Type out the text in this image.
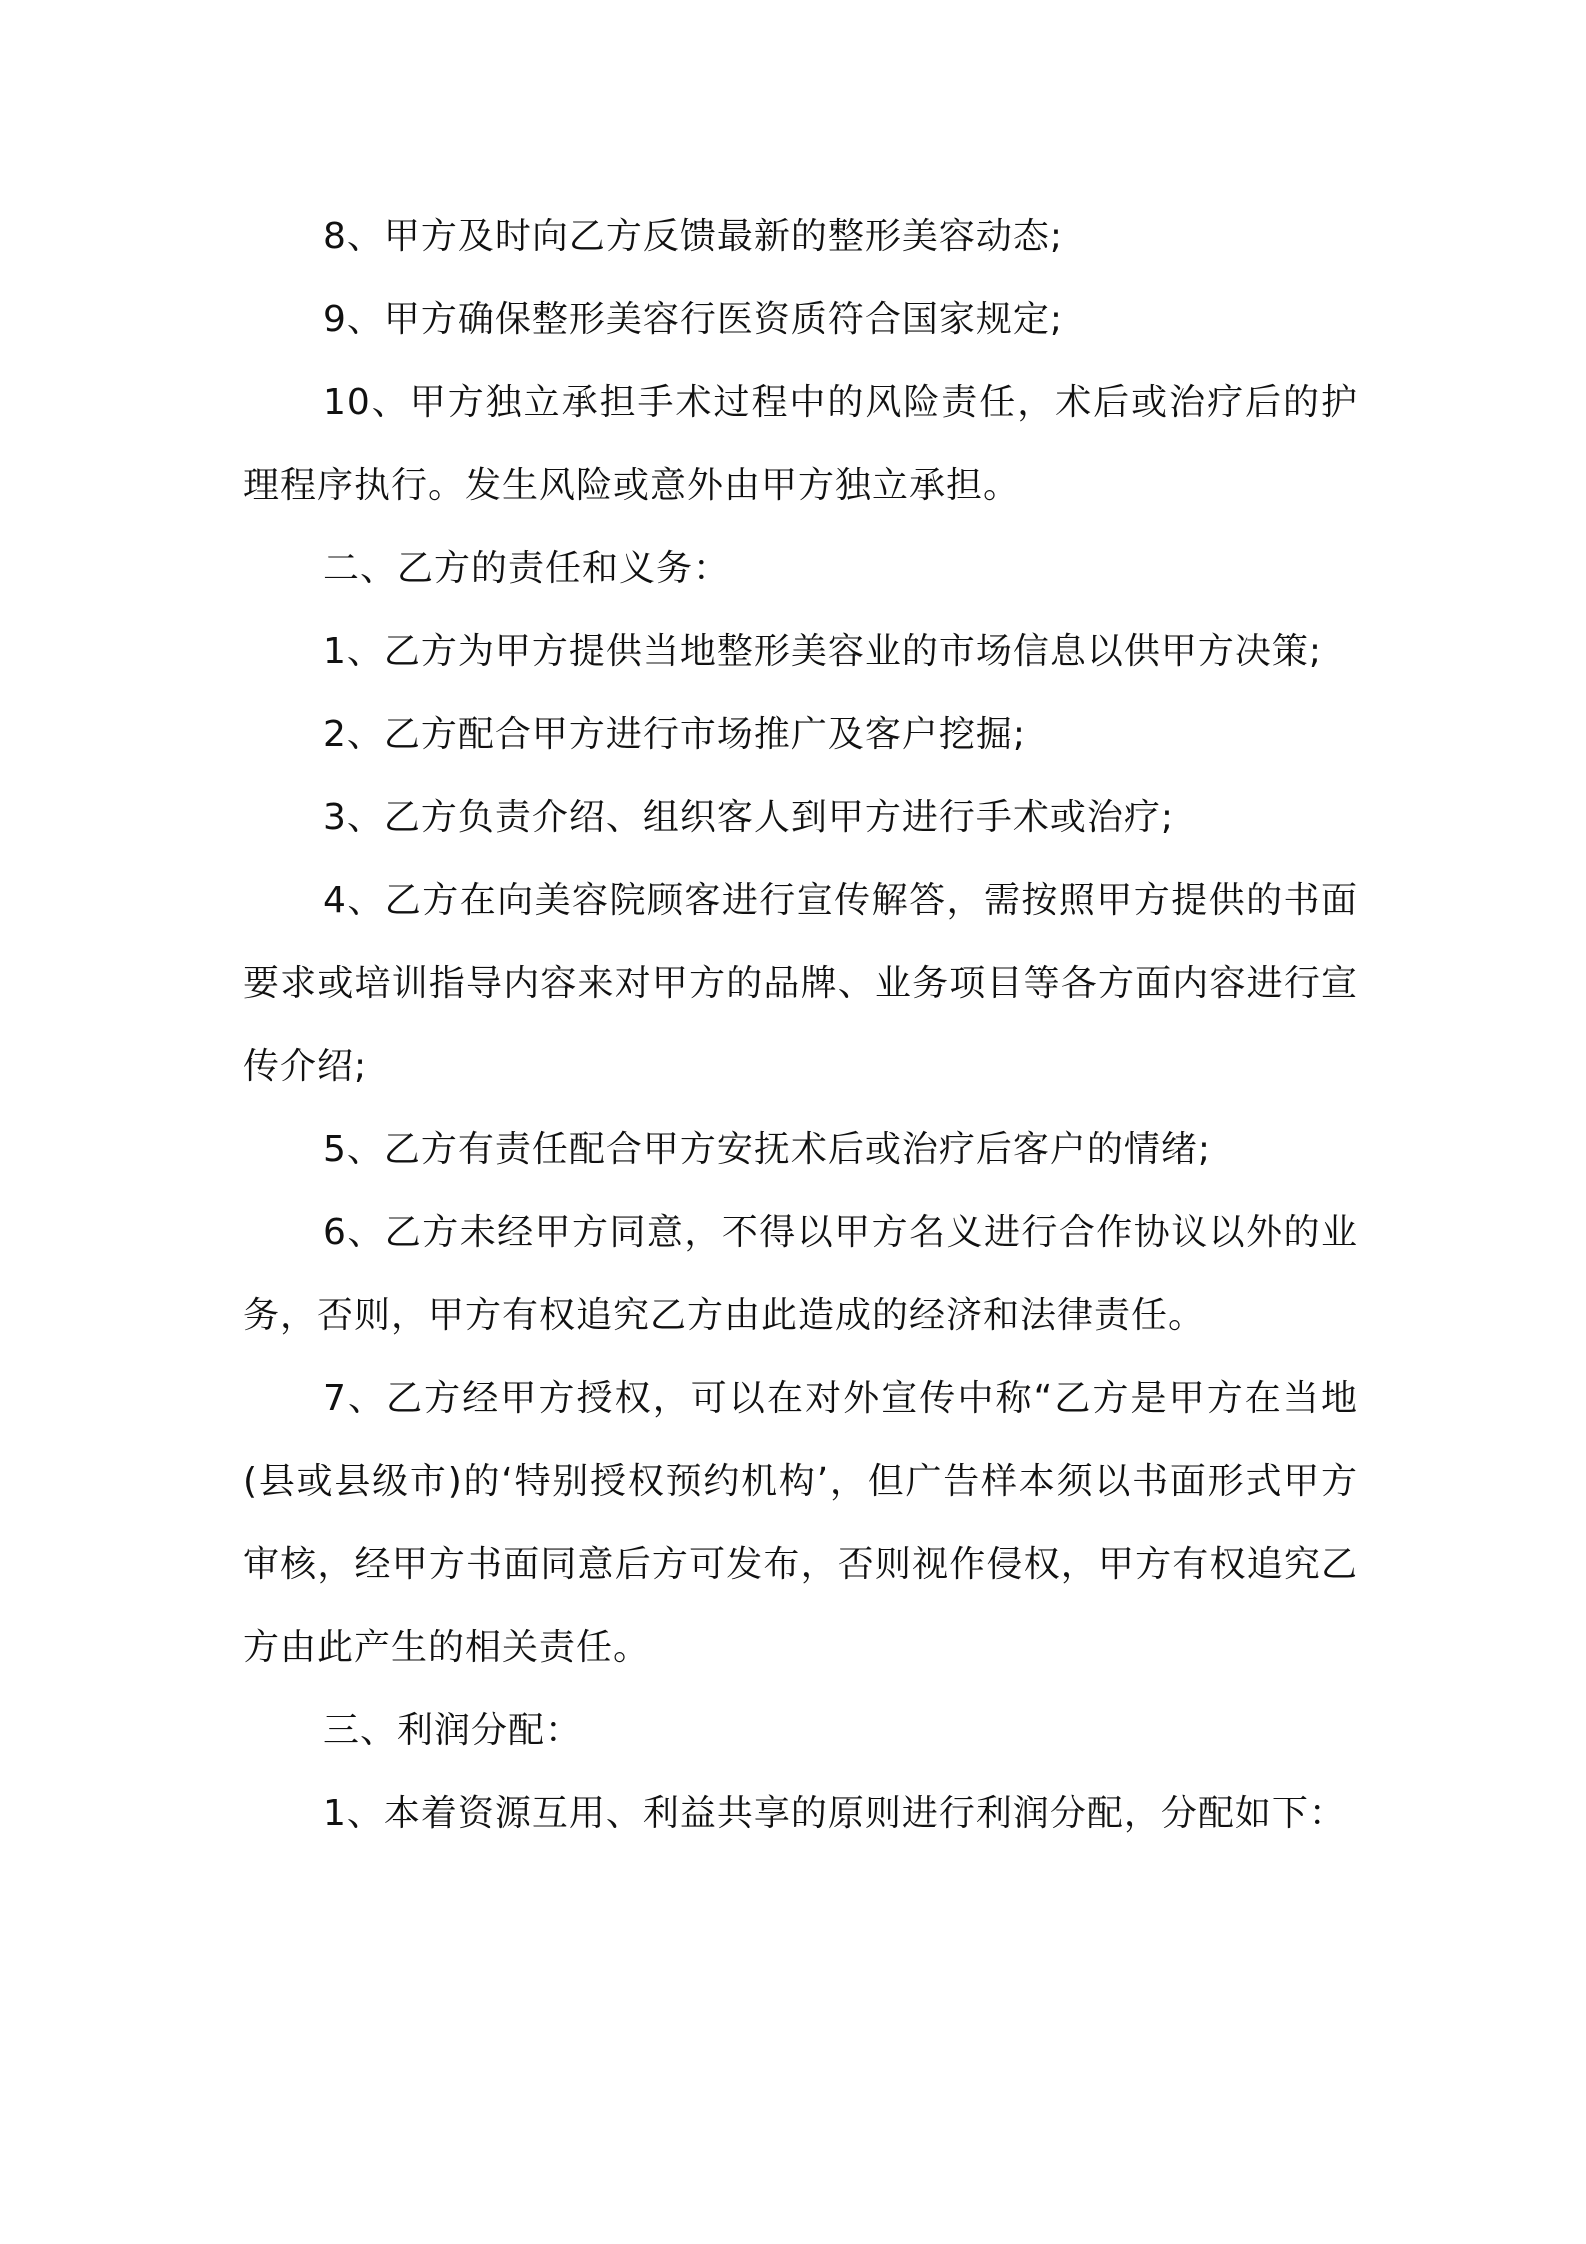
8、甲方及时向乙方反馈最新的整形美容动态;

9、甲方确保整形美容行医资质符合国家规定;

10、甲方独立承担手术过程中的风险责任，术后或治疗后的护理程序执行。发生风险或意外由甲方独立承担。

二、乙方的责任和义务：

1、乙方为甲方提供当地整形美容业的市场信息以供甲方决策;

2、乙方配合甲方进行市场推广及客户挖掘;

3、乙方负责介绍、组织客人到甲方进行手术或治疗;

4、乙方在向美容院顾客进行宣传解答，需按照甲方提供的书面要求或培训指导内容来对甲方的品牌、业务项目等各方面内容进行宣传介绍;

5、乙方有责任配合甲方安抚术后或治疗后客户的情绪;

6、乙方未经甲方同意，不得以甲方名义进行合作协议以外的业务，否则，甲方有权追究乙方由此造成的经济和法律责任。

7、乙方经甲方授权，可以在对外宣传中称“乙方是甲方在当地(县或县级市)的‘特别授权预约机构’，但广告样本须以书面形式甲方审核，经甲方书面同意后方可发布，否则视作侵权，甲方有权追究乙方由此产生的相关责任。

三、利润分配：

1、本着资源互用、利益共享的原则进行利润分配，分配如下：
